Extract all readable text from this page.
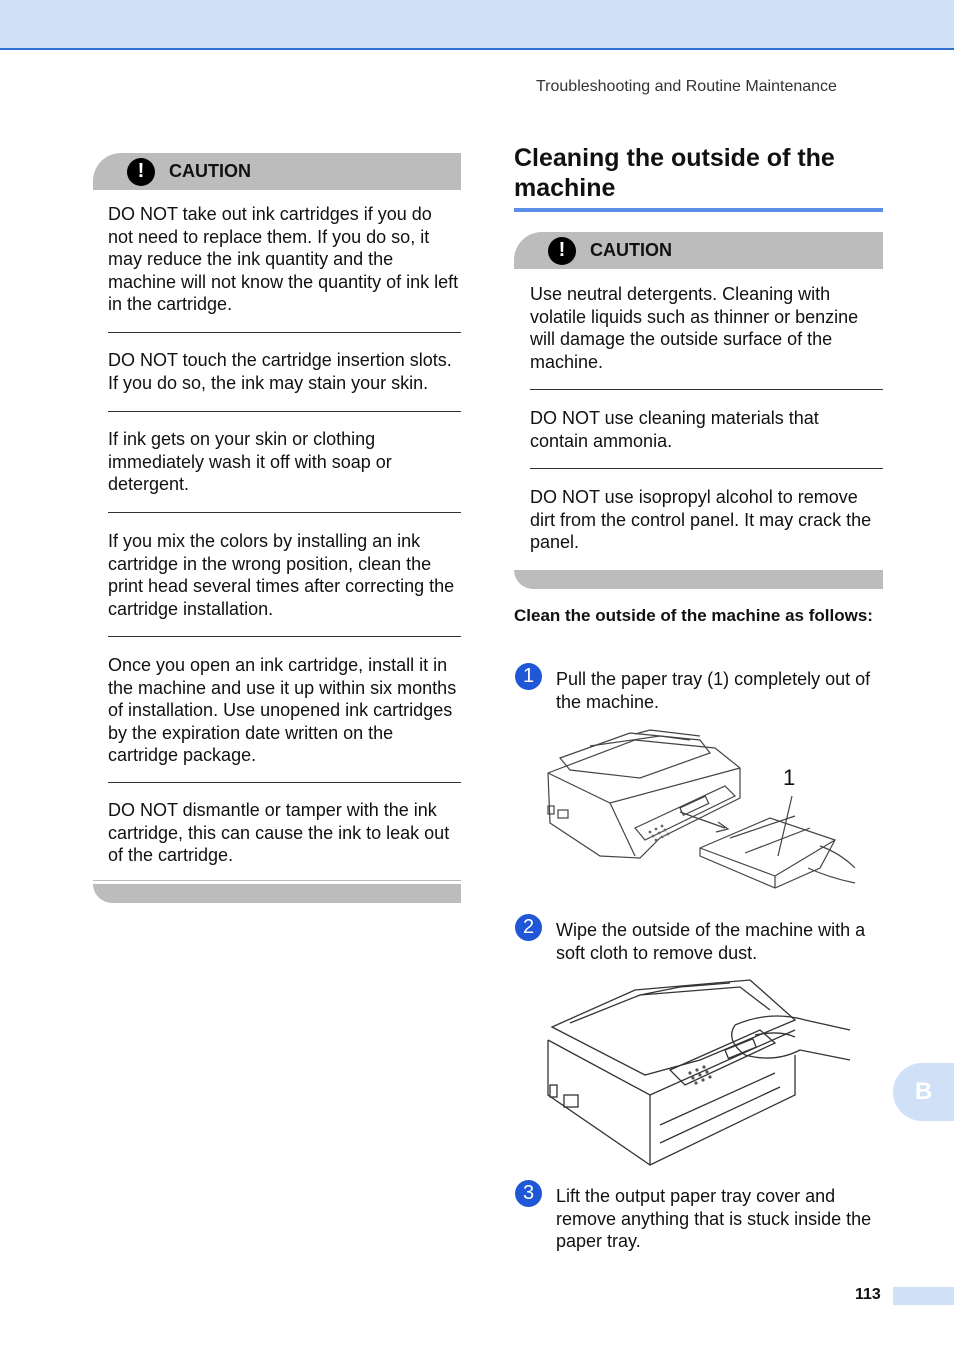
Troubleshooting and Routine Maintenance
!	CAUTION
DO NOT take out ink cartridges if you do not need to replace them. If you do so, it may reduce the ink quantity and the machine will not know the quantity of ink left in the cartridge.
DO NOT touch the cartridge insertion slots. If you do so, the ink may stain your skin.
If ink gets on your skin or clothing immediately wash it off with soap or detergent.
If you mix the colors by installing an ink cartridge in the wrong position, clean the print head several times after correcting the cartridge installation.
Once you open an ink cartridge, install it in the machine and use it up within six months of installation. Use unopened ink cartridges by the expiration date written on the cartridge package.
DO NOT dismantle or tamper with the ink cartridge, this can cause the ink to leak out of the cartridge.
Cleaning the outside of the machine
!	CAUTION
Use neutral detergents. Cleaning with volatile liquids such as thinner or benzine will damage the outside surface of the machine.
DO NOT use cleaning materials that contain ammonia.
DO NOT use isopropyl alcohol to remove dirt from the control panel. It may crack the panel.
Clean the outside of the machine as follows:
1	Pull the paper tray (1) completely out of the machine.
1
2	Wipe the outside of the machine with a soft cloth to remove dust.
3	Lift the output paper tray cover and remove anything that is stuck inside the paper tray.
B
113
